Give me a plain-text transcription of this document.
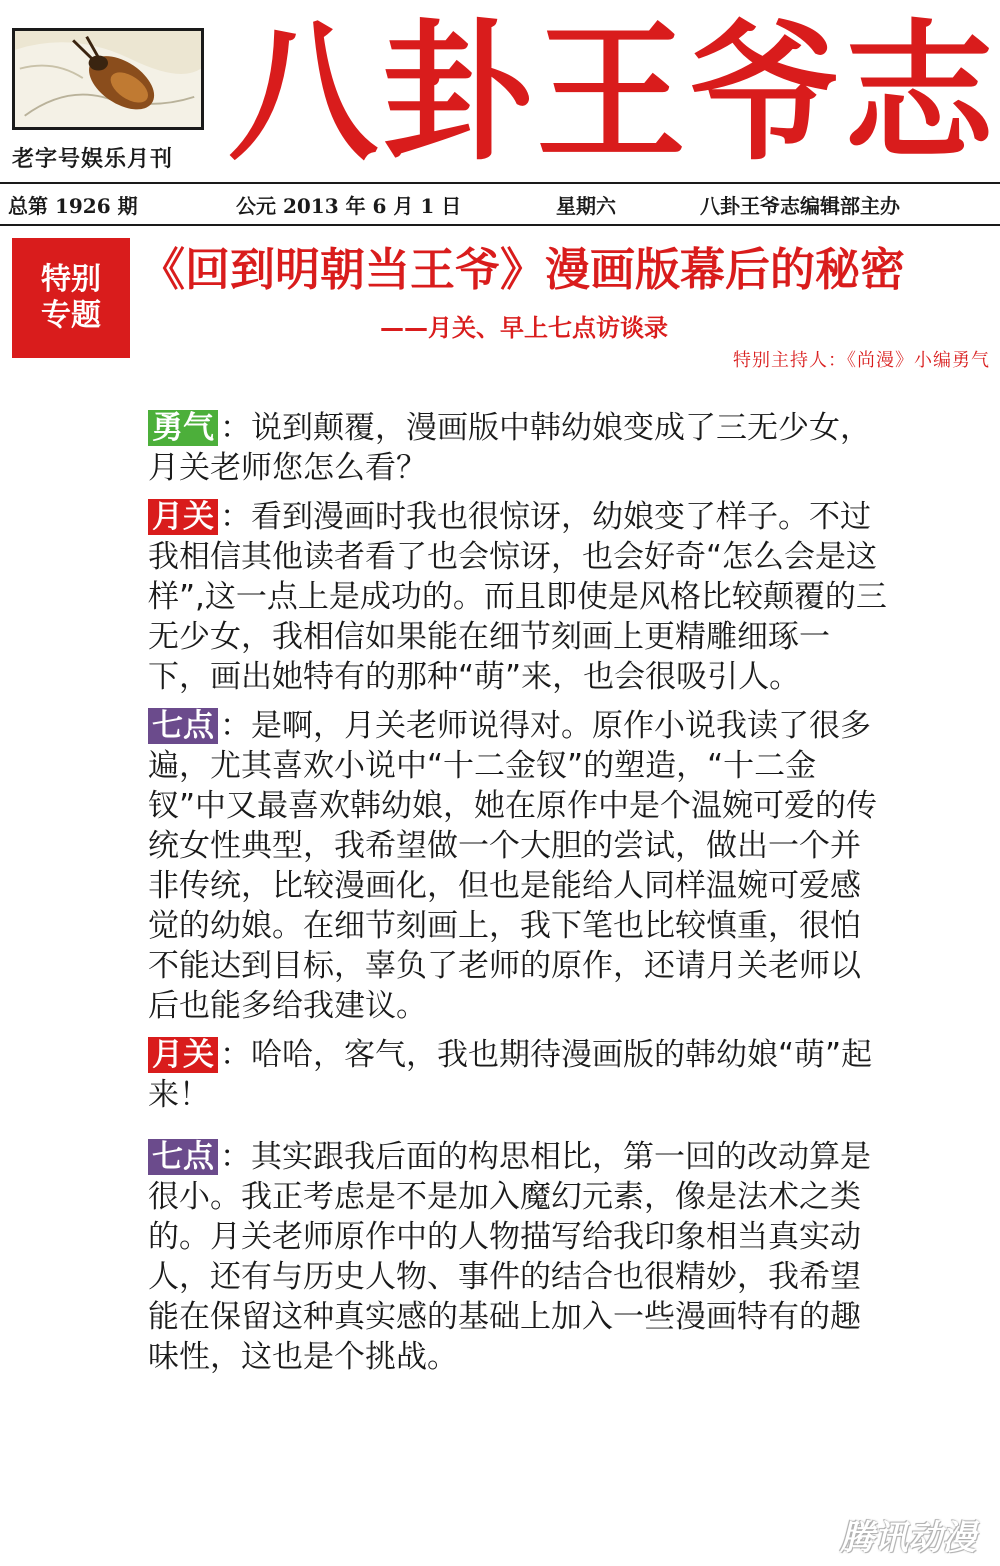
老字号娱乐月刊 八卦王爷志
总第 1926 期	公元 2013 年 6 月 1 日	星期六	八卦王爷志编辑部主办
特别
专题
《回到明朝当王爷》漫画版幕后的秘密
——月关、早上七点访谈录
特别主持人：《尚漫》小编勇气

勇气 ：说到颠覆，漫画版中韩幼娘变成了三无少女，月关老师您怎么看？

月关 ：看到漫画时我也很惊讶，幼娘变了样子。不过我相信其他读者看了也会惊讶，也会好奇“怎么会是这样”,这一点上是成功的。而且即使是风格比较颠覆的三无少女，我相信如果能在细节刻画上更精雕细琢一下，画出她特有的那种“萌”来，也会很吸引人。

七点 ：是啊，月关老师说得对。原作小说我读了很多遍，尤其喜欢小说中“十二金钗”的塑造，“十二金钗”中又最喜欢韩幼娘，她在原作中是个温婉可爱的传统女性典型，我希望做一个大胆的尝试，做出一个并非传统，比较漫画化，但也是能给人同样温婉可爱感觉的幼娘。在细节刻画上，我下笔也比较慎重，很怕不能达到目标，辜负了老师的原作，还请月关老师以后也能多给我建议。

月关 ：哈哈，客气，我也期待漫画版的韩幼娘“萌”起来！

七点 ：其实跟我后面的构思相比，第一回的改动算是很小。我正考虑是不是加入魔幻元素，像是法术之类的。月关老师原作中的人物描写给我印象相当真实动人，还有与历史人物、事件的结合也很精妙，我希望能在保留这种真实感的基础上加入一些漫画特有的趣味性，这也是个挑战。

腾讯动漫
